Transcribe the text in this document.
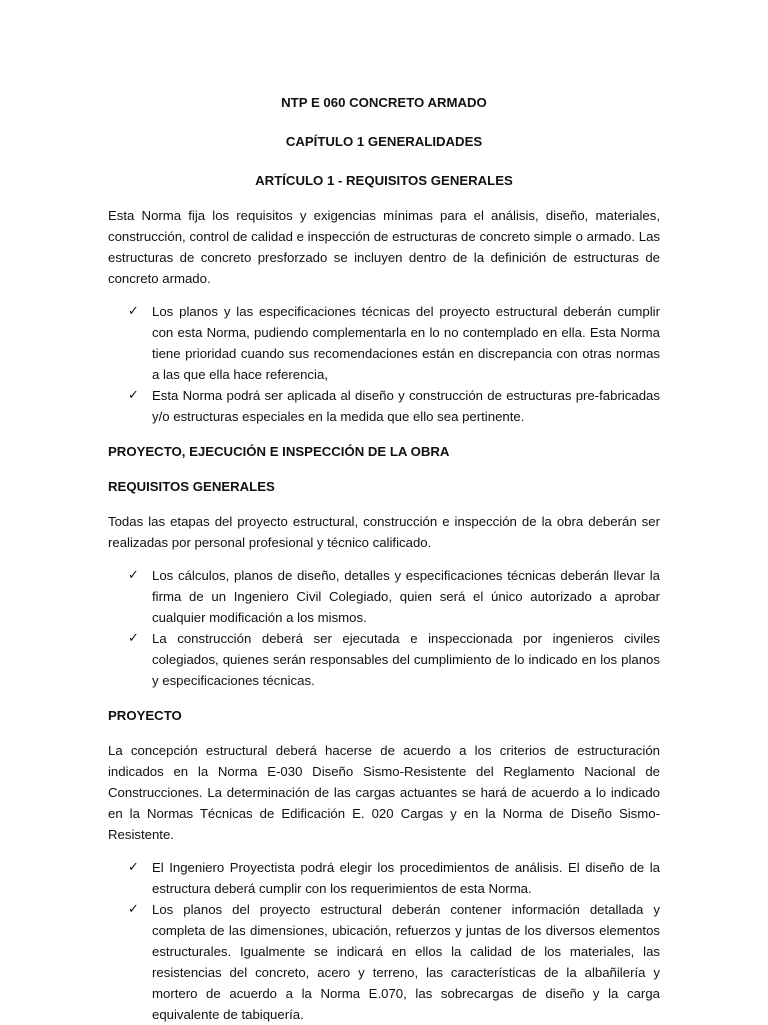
NTP E 060 CONCRETO ARMADO
CAPÍTULO 1 GENERALIDADES
ARTÍCULO 1 - REQUISITOS GENERALES

Esta Norma fija los requisitos y exigencias mínimas para el análisis, diseño, materiales, construcción, control de calidad e inspección de estructuras de concreto simple o armado. Las estructuras de concreto presforzado se incluyen dentro de la definición de estructuras de concreto armado.

✓ Los planos y las especificaciones técnicas del proyecto estructural deberán cumplir con esta Norma, pudiendo complementarla en lo no contemplado en ella. Esta Norma tiene prioridad cuando sus recomendaciones están en discrepancia con otras normas a las que ella hace referencia,
✓ Esta Norma podrá ser aplicada al diseño y construcción de estructuras pre-fabricadas y/o estructuras especiales en la medida que ello sea pertinente.
PROYECTO, EJECUCIÓN E INSPECCIÓN DE LA OBRA
REQUISITOS GENERALES

Todas las etapas del proyecto estructural, construcción e inspección de la obra deberán ser realizadas por personal profesional y técnico calificado.

✓ Los cálculos, planos de diseño, detalles y especificaciones técnicas deberán llevar la firma de un Ingeniero Civil Colegiado, quien será el único autorizado a aprobar cualquier modificación a los mismos.
✓ La construcción deberá ser ejecutada e inspeccionada por ingenieros civiles colegiados, quienes serán responsables del cumplimiento de lo indicado en los planos y especificaciones técnicas.
PROYECTO

La concepción estructural deberá hacerse de acuerdo a los criterios de estructuración indicados en la Norma E-030 Diseño Sismo-Resistente del Reglamento Nacional de Construcciones. La determinación de las cargas actuantes se hará de acuerdo a lo indicado en la Normas Técnicas de Edificación E. 020 Cargas y en la Norma de Diseño Sismo-Resistente.

✓ El Ingeniero Proyectista podrá elegir los procedimientos de análisis. El diseño de la estructura deberá cumplir con los requerimientos de esta Norma.
✓ Los planos del proyecto estructural deberán contener información detallada y completa de las dimensiones, ubicación, refuerzos y juntas de los diversos elementos estructurales. Igualmente se indicará en ellos la calidad de los materiales, las resistencias del concreto, acero y terreno, las características de la albañilería y mortero de acuerdo a la Norma E.070, las sobrecargas de diseño y la carga equivalente de tabiquería.
